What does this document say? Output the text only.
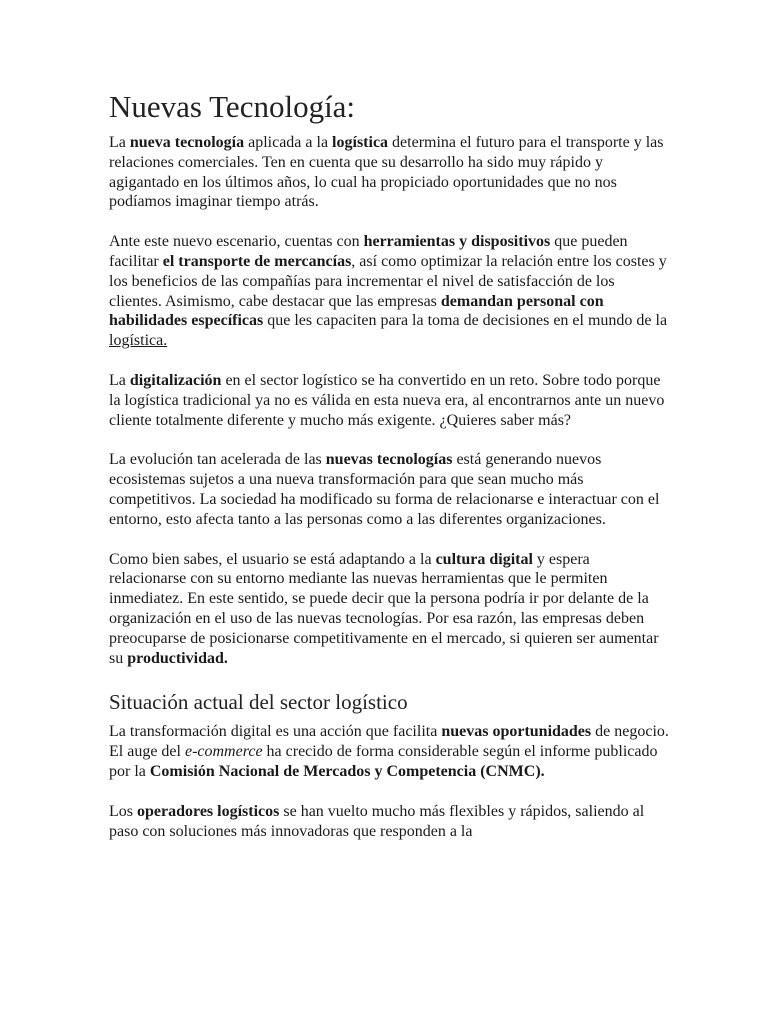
Nuevas Tecnología:

La nueva tecnología aplicada a la logística determina el futuro para el transporte y las relaciones comerciales. Ten en cuenta que su desarrollo ha sido muy rápido y agigantado en los últimos años, lo cual ha propiciado oportunidades que no nos podíamos imaginar tiempo atrás.

Ante este nuevo escenario, cuentas con herramientas y dispositivos que pueden facilitar el transporte de mercancías, así como optimizar la relación entre los costes y los beneficios de las compañías para incrementar el nivel de satisfacción de los clientes. Asimismo, cabe destacar que las empresas demandan personal con habilidades específicas que les capaciten para la toma de decisiones en el mundo de la logística.

La digitalización en el sector logístico se ha convertido en un reto. Sobre todo porque la logística tradicional ya no es válida en esta nueva era, al encontrarnos ante un nuevo cliente totalmente diferente y mucho más exigente. ¿Quieres saber más?

La evolución tan acelerada de las nuevas tecnologías está generando nuevos ecosistemas sujetos a una nueva transformación para que sean mucho más competitivos. La sociedad ha modificado su forma de relacionarse e interactuar con el entorno, esto afecta tanto a las personas como a las diferentes organizaciones.

Como bien sabes, el usuario se está adaptando a la cultura digital y espera relacionarse con su entorno mediante las nuevas herramientas que le permiten inmediatez. En este sentido, se puede decir que la persona podría ir por delante de la organización en el uso de las nuevas tecnologías. Por esa razón, las empresas deben preocuparse de posicionarse competitivamente en el mercado, si quieren ser aumentar su productividad.

Situación actual del sector logístico

La transformación digital es una acción que facilita nuevas oportunidades de negocio. El auge del e-commerce ha crecido de forma considerable según el informe publicado por la Comisión Nacional de Mercados y Competencia (CNMC).

Los operadores logísticos se han vuelto mucho más flexibles y rápidos, saliendo al paso con soluciones más innovadoras que responden a la
